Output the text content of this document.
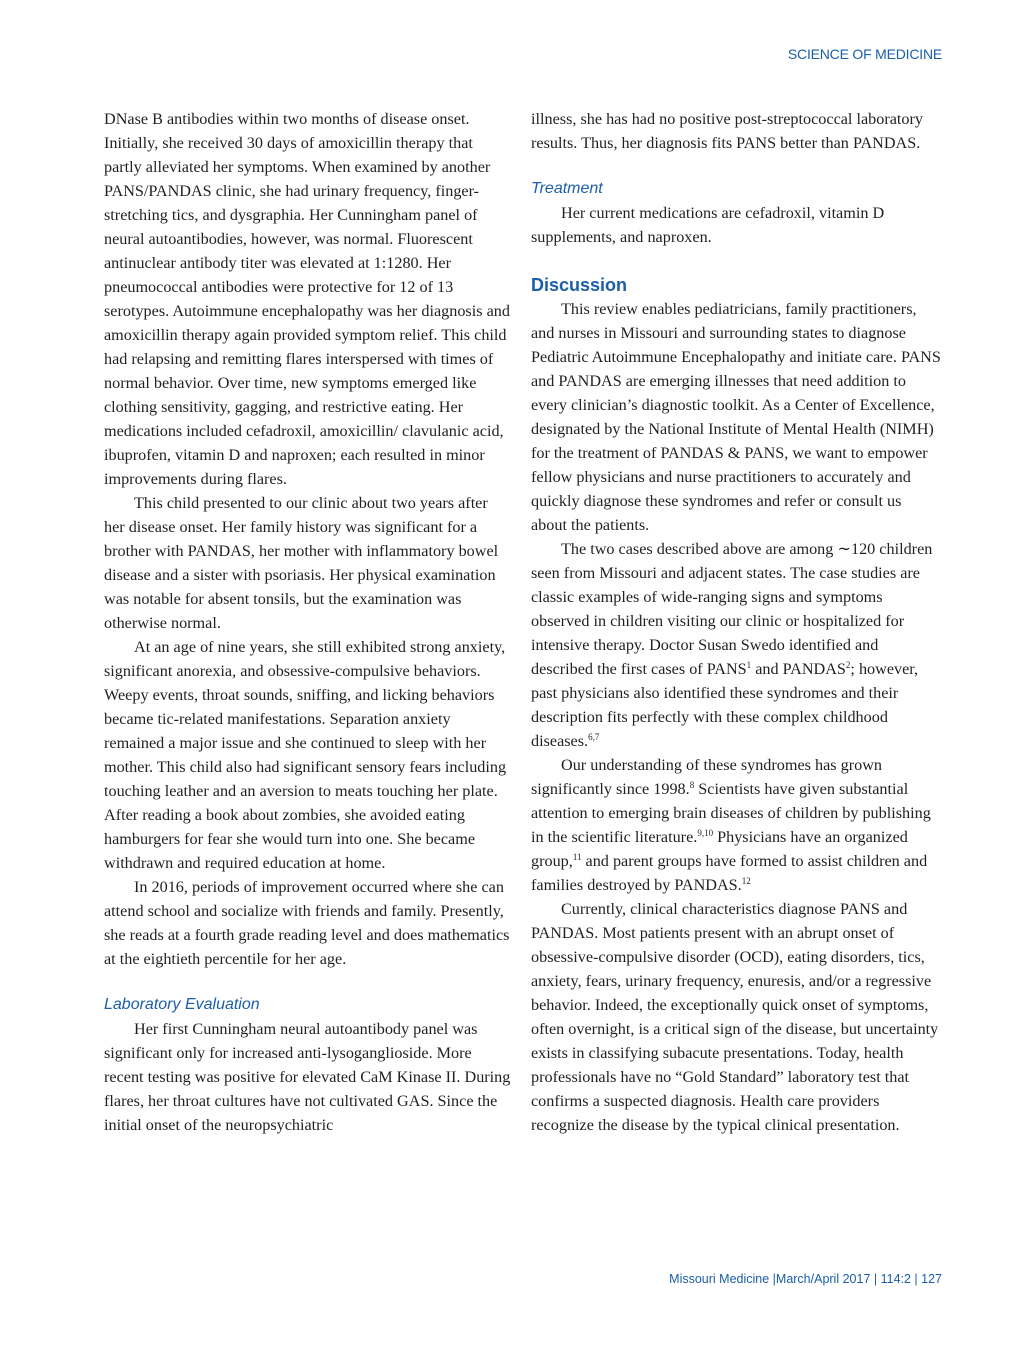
SCIENCE OF MEDICINE

DNase B antibodies within two months of disease onset. Initially, she received 30 days of amoxicillin therapy that partly alleviated her symptoms. When examined by another PANS/PANDAS clinic, she had urinary frequency, finger-stretching tics, and dysgraphia. Her Cunningham panel of neural autoantibodies, however, was normal. Fluorescent antinuclear antibody titer was elevated at 1:1280. Her pneumococcal antibodies were protective for 12 of 13 serotypes. Autoimmune encephalopathy was her diagnosis and amoxicillin therapy again provided symptom relief. This child had relapsing and remitting flares interspersed with times of normal behavior. Over time, new symptoms emerged like clothing sensitivity, gagging, and restrictive eating. Her medications included cefadroxil, amoxicillin/ clavulanic acid, ibuprofen, vitamin D and naproxen; each resulted in minor improvements during flares.

This child presented to our clinic about two years after her disease onset. Her family history was significant for a brother with PANDAS, her mother with inflammatory bowel disease and a sister with psoriasis. Her physical examination was notable for absent tonsils, but the examination was otherwise normal.

At an age of nine years, she still exhibited strong anxiety, significant anorexia, and obsessive-compulsive behaviors. Weepy events, throat sounds, sniffing, and licking behaviors became tic-related manifestations. Separation anxiety remained a major issue and she continued to sleep with her mother. This child also had significant sensory fears including touching leather and an aversion to meats touching her plate. After reading a book about zombies, she avoided eating hamburgers for fear she would turn into one. She became withdrawn and required education at home.

In 2016, periods of improvement occurred where she can attend school and socialize with friends and family. Presently, she reads at a fourth grade reading level and does mathematics at the eightieth percentile for her age.

Laboratory Evaluation

Her first Cunningham neural autoantibody panel was significant only for increased anti-lysoganglioside. More recent testing was positive for elevated CaM Kinase II. During flares, her throat cultures have not cultivated GAS. Since the initial onset of the neuropsychiatric

illness, she has had no positive post-streptococcal laboratory results. Thus, her diagnosis fits PANS better than PANDAS.

Treatment

Her current medications are cefadroxil, vitamin D supplements, and naproxen.

Discussion

This review enables pediatricians, family practitioners, and nurses in Missouri and surrounding states to diagnose Pediatric Autoimmune Encephalopathy and initiate care. PANS and PANDAS are emerging illnesses that need addition to every clinician’s diagnostic toolkit. As a Center of Excellence, designated by the National Institute of Mental Health (NIMH) for the treatment of PANDAS & PANS, we want to empower fellow physicians and nurse practitioners to accurately and quickly diagnose these syndromes and refer or consult us about the patients.

The two cases described above are among ∼120 children seen from Missouri and adjacent states. The case studies are classic examples of wide-ranging signs and symptoms observed in children visiting our clinic or hospitalized for intensive therapy. Doctor Susan Swedo identified and described the first cases of PANS$^1$ and PANDAS$^2$; however, past physicians also identified these syndromes and their description fits perfectly with these complex childhood diseases.$^{6,7}$

Our understanding of these syndromes has grown significantly since 1998.$^8$ Scientists have given substantial attention to emerging brain diseases of children by publishing in the scientific literature.$^{9,10}$ Physicians have an organized group,$^{11}$ and parent groups have formed to assist children and families destroyed by PANDAS.$^{12}$

Currently, clinical characteristics diagnose PANS and PANDAS. Most patients present with an abrupt onset of obsessive-compulsive disorder (OCD), eating disorders, tics, anxiety, fears, urinary frequency, enuresis, and/or a regressive behavior. Indeed, the exceptionally quick onset of symptoms, often overnight, is a critical sign of the disease, but uncertainty exists in classifying subacute presentations. Today, health professionals have no “Gold Standard” laboratory test that confirms a suspected diagnosis. Health care providers recognize the disease by the typical clinical presentation.

Missouri Medicine |March/April 2017 | 114:2 | 127
